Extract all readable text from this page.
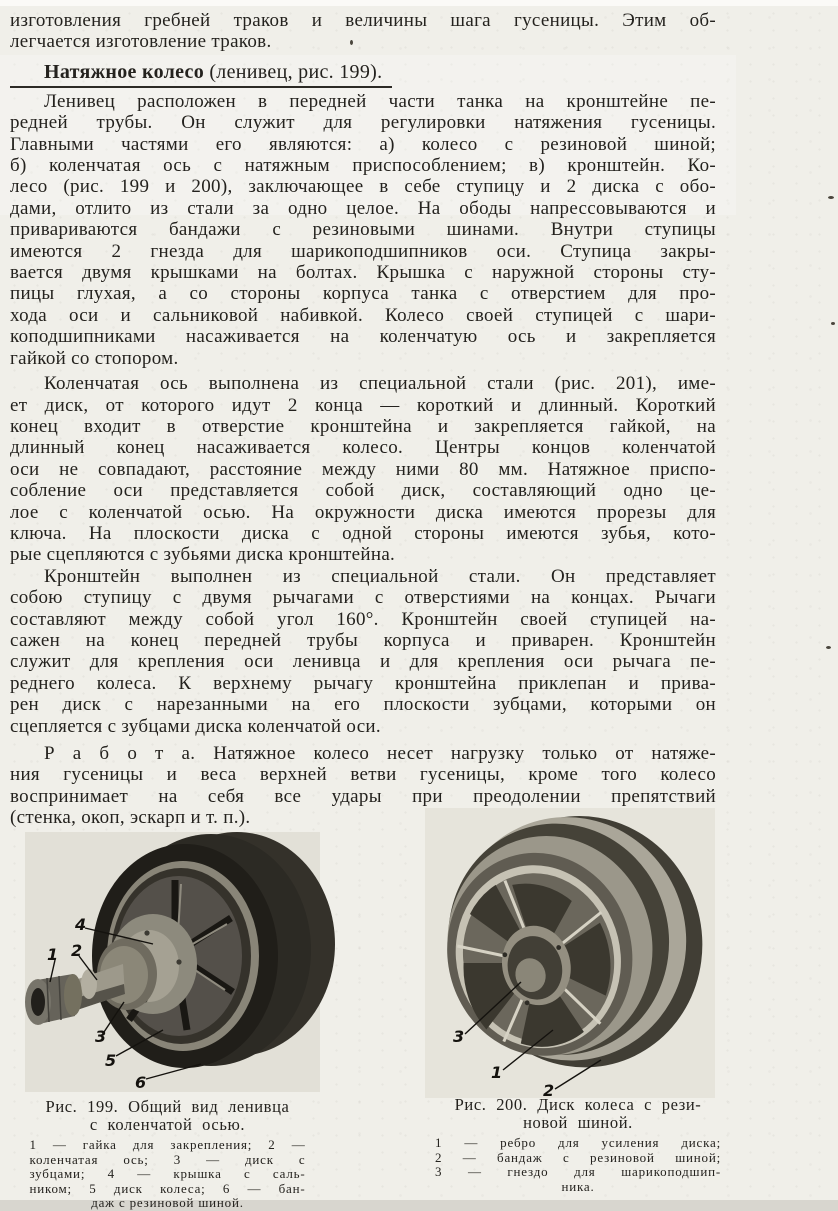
изготовления гребней траков и величины шага гусеницы. Этим об-
легчается изготовление траков.
Натяжное колесо (ленивец, рис. 199).
Ленивец расположен в передней части танка на кронштейне пе-
редней трубы. Он служит для регулировки натяжения гусеницы.
Главными частями его являются: а) колесо с резиновой шиной;
б) коленчатая ось с натяжным приспособлением; в) кронштейн. Ко-
лесо (рис. 199 и 200), заключающее в себе ступицу и 2 диска с обо-
дами, отлито из стали за одно целое. На ободы напрессовываются и
привариваются бандажи с резиновыми шинами. Внутри ступицы
имеются 2 гнезда для шарикоподшипников оси. Ступица закры-
вается двумя крышками на болтах. Крышка с наружной стороны сту-
пицы глухая, а со стороны корпуса танка с отверстием для про-
хода оси и сальниковой набивкой. Колесо своей ступицей с шари-
коподшипниками насаживается на коленчатую ось и закрепляется
гайкой со стопором.
Коленчатая ось выполнена из специальной стали (рис. 201), име-
ет диск, от которого идут 2 конца — короткий и длинный. Короткий
конец входит в отверстие кронштейна и закрепляется гайкой, на
длинный конец насаживается колесо. Центры концов коленчатой
оси не совпадают, расстояние между ними 80 мм. Натяжное приспо-
собление оси представляется собой диск, составляющий одно це-
лое с коленчатой осью. На окружности диска имеются прорезы для
ключа. На плоскости диска с одной стороны имеются зубья, кото-
рые сцепляются с зубьями диска кронштейна.
Кронштейн выполнен из специальной стали. Он представляет
собою ступицу с двумя рычагами с отверстиями на концах. Рычаги
составляют между собой угол 160°. Кронштейн своей ступицей на-
сажен на конец передней трубы корпуса и приварен. Кронштейн
служит для крепления оси ленивца и для крепления оси рычага пе-
реднего колеса. К верхнему рычагу кронштейна приклепан и прива-
рен диск с нарезанными на его плоскости зубцами, которыми он
сцепляется с зубцами диска коленчатой оси.
Р а б о т а. Натяжное колесо несет нагрузку только от натяже-
ния гусеницы и веса верхней ветви гусеницы, кроме того колесо
воспринимает на себя все удары при преодолении препятствий
(стенка, окоп, эскарп и т. п.).
4
1 2
3
5
6
3
1
2
Рис. 199. Общий вид ленивца
с коленчатой осью.
1 — гайка для закрепления; 2 —
коленчатая ось; 3 — диск с
зубцами; 4 — крышка с саль-
ником; 5 диск колеса; 6 — бан-
даж с резиновой шиной.
Рис. 200. Диск колеса с рези-
новой шиной.
1 — ребро для усиления диска;
2 — бандаж с резиновой шиной;
3 — гнездо для шарикоподшип-
ника.
